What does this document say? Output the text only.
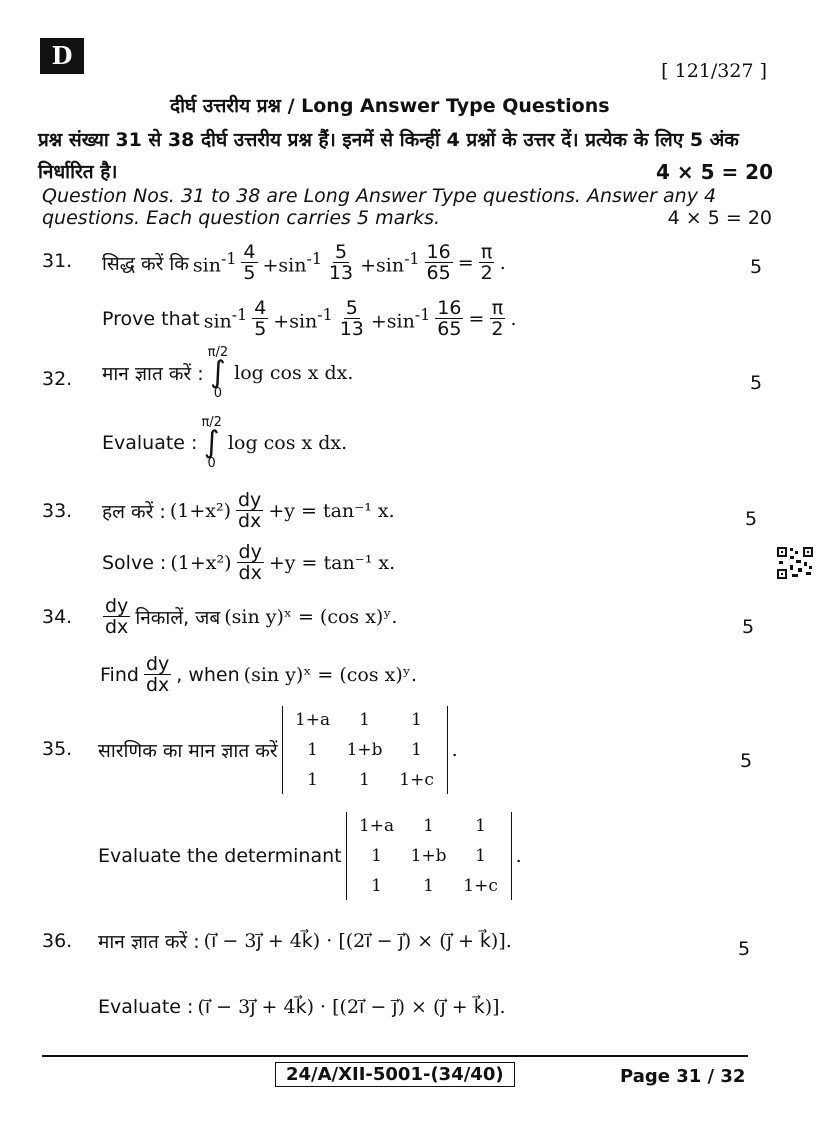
D
[ 121/327 ]
दीर्घ उत्तरीय प्रश्न / Long Answer Type Questions
प्रश्न संख्या 31 से 38 दीर्घ उत्तरीय प्रश्न हैं। इनमें से किन्हीं 4 प्रश्नों के उत्तर दें। प्रत्येक के लिए 5 अंक निर्धारित है।	4 × 5 = 20
Question Nos. 31 to 38 are Long Answer Type questions. Answer any 4 questions. Each question carries 5 marks.	4 × 5 = 20
31. सिद्ध करें कि $\sin^{-1} \frac{4}{5} +\sin^{-1} \frac{5}{13} +\sin^{-1} \frac{16}{65} = \frac{\pi}{2}$ .	5
Prove that $\sin^{-1} \frac{4}{5} +\sin^{-1} \frac{5}{13} +\sin^{-1} \frac{16}{65} = \frac{\pi}{2}$ .
32. मान ज्ञात करें :
π/2
∫
0
log cos x dx.	5
Evaluate :
π/2
∫
0
log cos x dx.
33. हल करें : $(1+x^2) \frac{dy}{dx} +y = \tan^{-1}$ x.	5
Solve : $(1+x^2) \frac{dy}{dx} +y = \tan^{-1}$ x.
34. $\frac{dy}{dx}$ निकालें, जब (sin y)ˣ = (cos x)ʸ.	5
Find $\frac{dy}{dx}$ , when (sin y)ˣ = (cos x)ʸ.
35. सारणिक का मान ज्ञात करें
1+a	1	1
1	1+b	1
1	1	1+c
.	5
Evaluate the determinant
1+a	1	1
1	1+b	1
1	1	1+c
.
36. मान ज्ञात करें : (i⃗ − 3j⃗ + 4k⃗) · [(2i⃗ − j⃗) × (j⃗ + k⃗)].	5
Evaluate : (i⃗ − 3j⃗ + 4k⃗) · [(2i⃗ − j⃗) × (j⃗ + k⃗)].
24/A/XII-5001-(34/40)	Page 31 / 32
